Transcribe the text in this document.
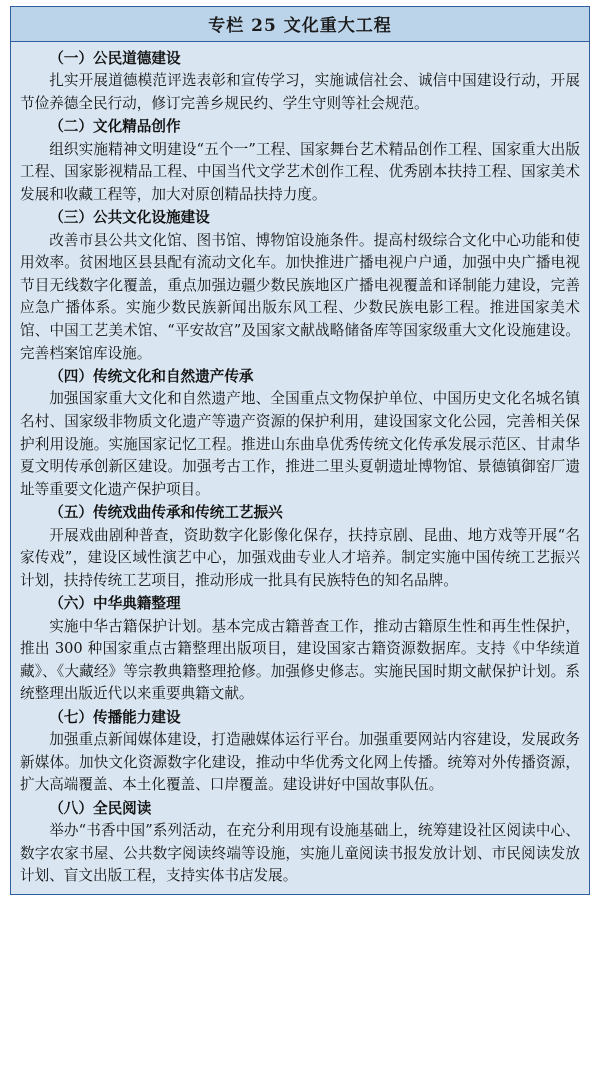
专栏 25 文化重大工程

（一）公民道德建设

扎实开展道德模范评选表彰和宣传学习，实施诚信社会、诚信中国建设行动，开展节俭养德全民行动，修订完善乡规民约、学生守则等社会规范。

（二）文化精品创作

组织实施精神文明建设“五个一”工程、国家舞台艺术精品创作工程、国家重大出版工程、国家影视精品工程、中国当代文学艺术创作工程、优秀剧本扶持工程、国家美术发展和收藏工程等，加大对原创精品扶持力度。

（三）公共文化设施建设

改善市县公共文化馆、图书馆、博物馆设施条件。提高村级综合文化中心功能和使用效率。贫困地区县县配有流动文化车。加快推进广播电视户户通，加强中央广播电视节目无线数字化覆盖，重点加强边疆少数民族地区广播电视覆盖和译制能力建设，完善应急广播体系。实施少数民族新闻出版东风工程、少数民族电影工程。推进国家美术馆、中国工艺美术馆、“平安故宫”及国家文献战略储备库等国家级重大文化设施建设。完善档案馆库设施。

（四）传统文化和自然遗产传承

加强国家重大文化和自然遗产地、全国重点文物保护单位、中国历史文化名城名镇名村、国家级非物质文化遗产等遗产资源的保护利用，建设国家文化公园，完善相关保护利用设施。实施国家记忆工程。推进山东曲阜优秀传统文化传承发展示范区、甘肃华夏文明传承创新区建设。加强考古工作，推进二里头夏朝遗址博物馆、景德镇御窑厂遗址等重要文化遗产保护项目。

（五）传统戏曲传承和传统工艺振兴

开展戏曲剧种普查，资助数字化影像化保存，扶持京剧、昆曲、地方戏等开展“名家传戏”，建设区域性演艺中心，加强戏曲专业人才培养。制定实施中国传统工艺振兴计划，扶持传统工艺项目，推动形成一批具有民族特色的知名品牌。

（六）中华典籍整理

实施中华古籍保护计划。基本完成古籍普查工作，推动古籍原生性和再生性保护，推出 300 种国家重点古籍整理出版项目，建设国家古籍资源数据库。支持《中华续道藏》、《大藏经》等宗教典籍整理抢修。加强修史修志。实施民国时期文献保护计划。系统整理出版近代以来重要典籍文献。

（七）传播能力建设

加强重点新闻媒体建设，打造融媒体运行平台。加强重要网站内容建设，发展政务新媒体。加快文化资源数字化建设，推动中华优秀文化网上传播。统筹对外传播资源，扩大高端覆盖、本土化覆盖、口岸覆盖。建设讲好中国故事队伍。

（八）全民阅读

举办“书香中国”系列活动，在充分利用现有设施基础上，统筹建设社区阅读中心、数字农家书屋、公共数字阅读终端等设施，实施儿童阅读书报发放计划、市民阅读发放计划、盲文出版工程，支持实体书店发展。
